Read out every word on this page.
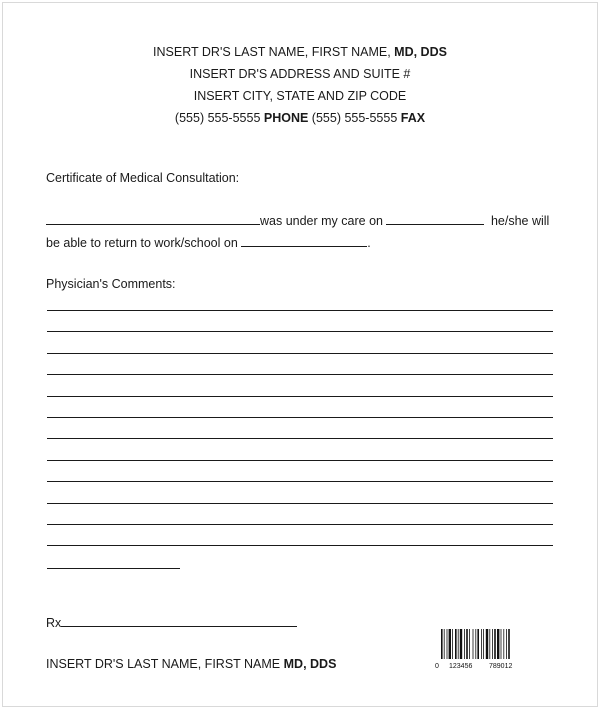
INSERT DR'S LAST NAME, FIRST NAME, MD, DDS
INSERT DR'S ADDRESS AND SUITE #
INSERT CITY, STATE AND ZIP CODE
(555) 555-5555 PHONE (555) 555-5555 FAX
Certificate of Medical Consultation:
was under my care on	he/she will
be able to return to work/school on	.
Physician's Comments:
Rx
INSERT DR'S LAST NAME, FIRST NAME MD, DDS	0 123456 789012
